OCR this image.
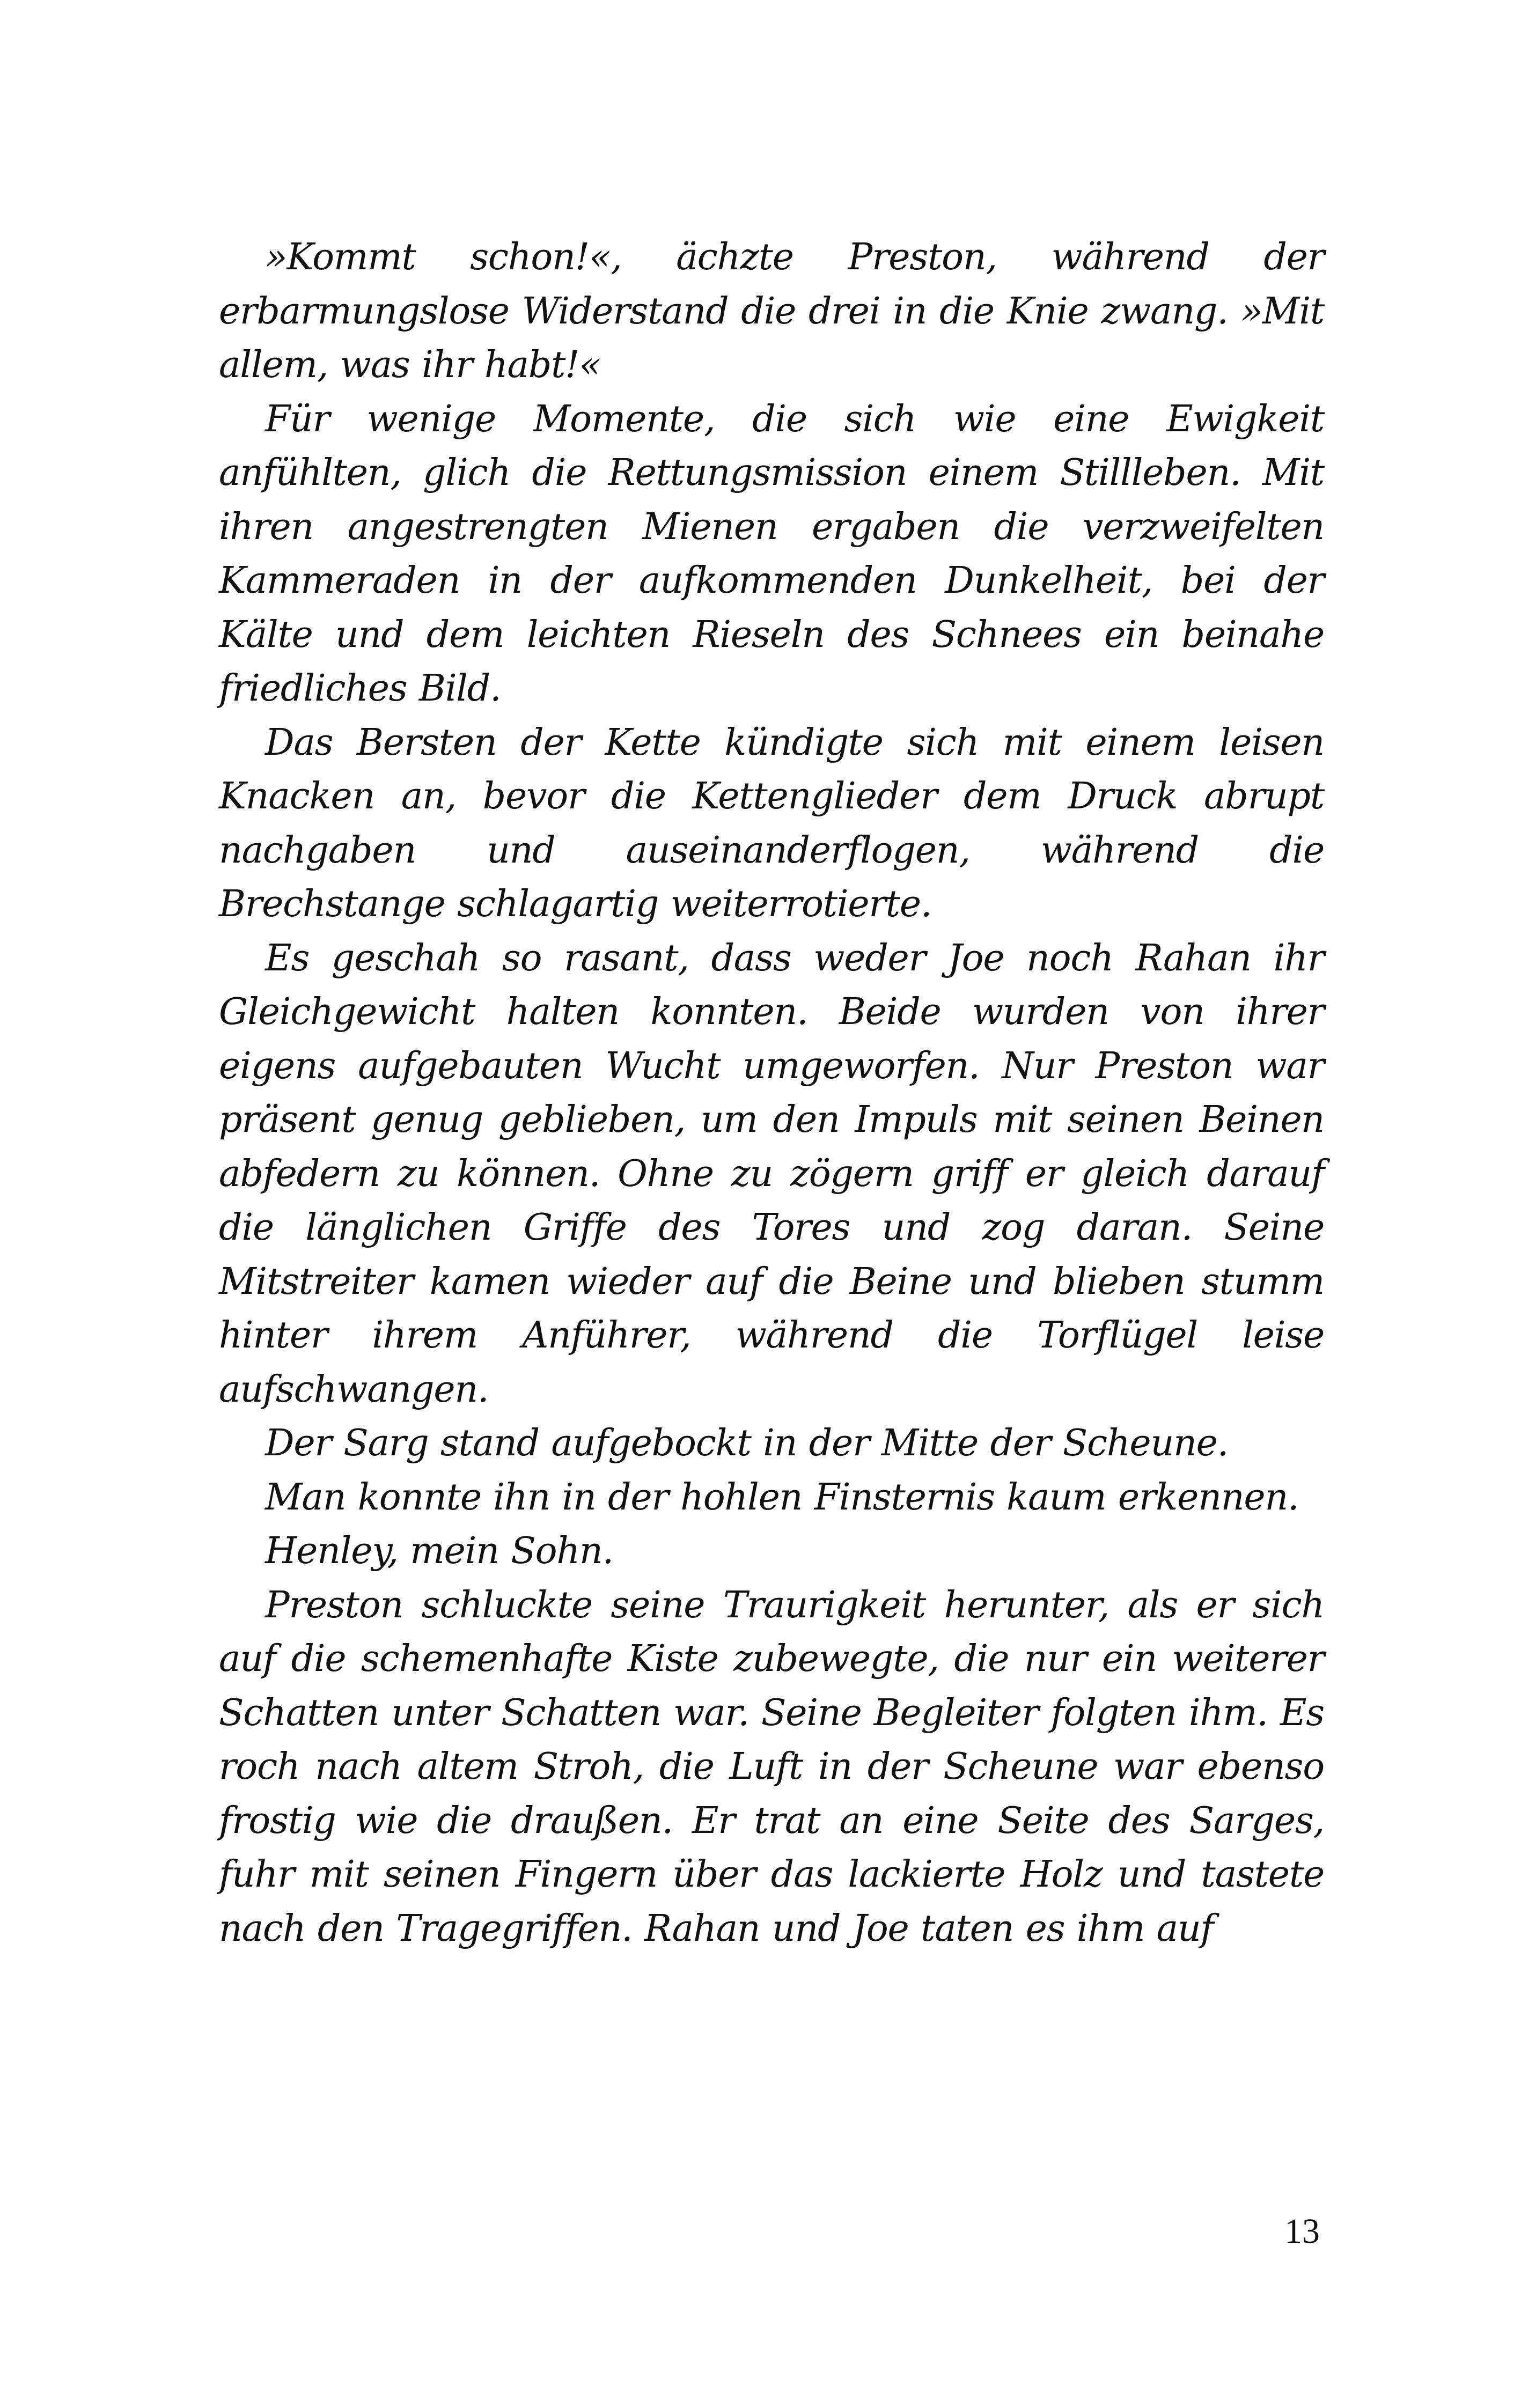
»Kommt schon!«, ächzte Preston, während der erbarmungslose Widerstand die drei in die Knie zwang. »Mit allem, was ihr habt!«

Für wenige Momente, die sich wie eine Ewigkeit anfühlten, glich die Rettungsmission einem Stillleben. Mit ihren angestrengten Mienen ergaben die verzweifelten Kammeraden in der aufkommenden Dunkelheit, bei der Kälte und dem leichten Rieseln des Schnees ein beinahe friedliches Bild.

Das Bersten der Kette kündigte sich mit einem leisen Knacken an, bevor die Kettenglieder dem Druck abrupt nachgaben und auseinanderflogen, während die Brechstange schlagartig weiterrotierte.

Es geschah so rasant, dass weder Joe noch Rahan ihr Gleichgewicht halten konnten. Beide wurden von ihrer eigens aufgebauten Wucht umgeworfen. Nur Preston war präsent genug geblieben, um den Impuls mit seinen Beinen abfedern zu können. Ohne zu zögern griff er gleich darauf die länglichen Griffe des Tores und zog daran. Seine Mitstreiter kamen wieder auf die Beine und blieben stumm hinter ihrem Anführer, während die Torflügel leise aufschwangen.

Der Sarg stand aufgebockt in der Mitte der Scheune.

Man konnte ihn in der hohlen Finsternis kaum erkennen.

Henley, mein Sohn.

Preston schluckte seine Traurigkeit herunter, als er sich auf die schemenhafte Kiste zubewegte, die nur ein weiterer Schatten unter Schatten war. Seine Begleiter folgten ihm. Es roch nach altem Stroh, die Luft in der Scheune war ebenso frostig wie die draußen. Er trat an eine Seite des Sarges, fuhr mit seinen Fingern über das lackierte Holz und tastete nach den Tragegriffen. Rahan und Joe taten es ihm auf

13
